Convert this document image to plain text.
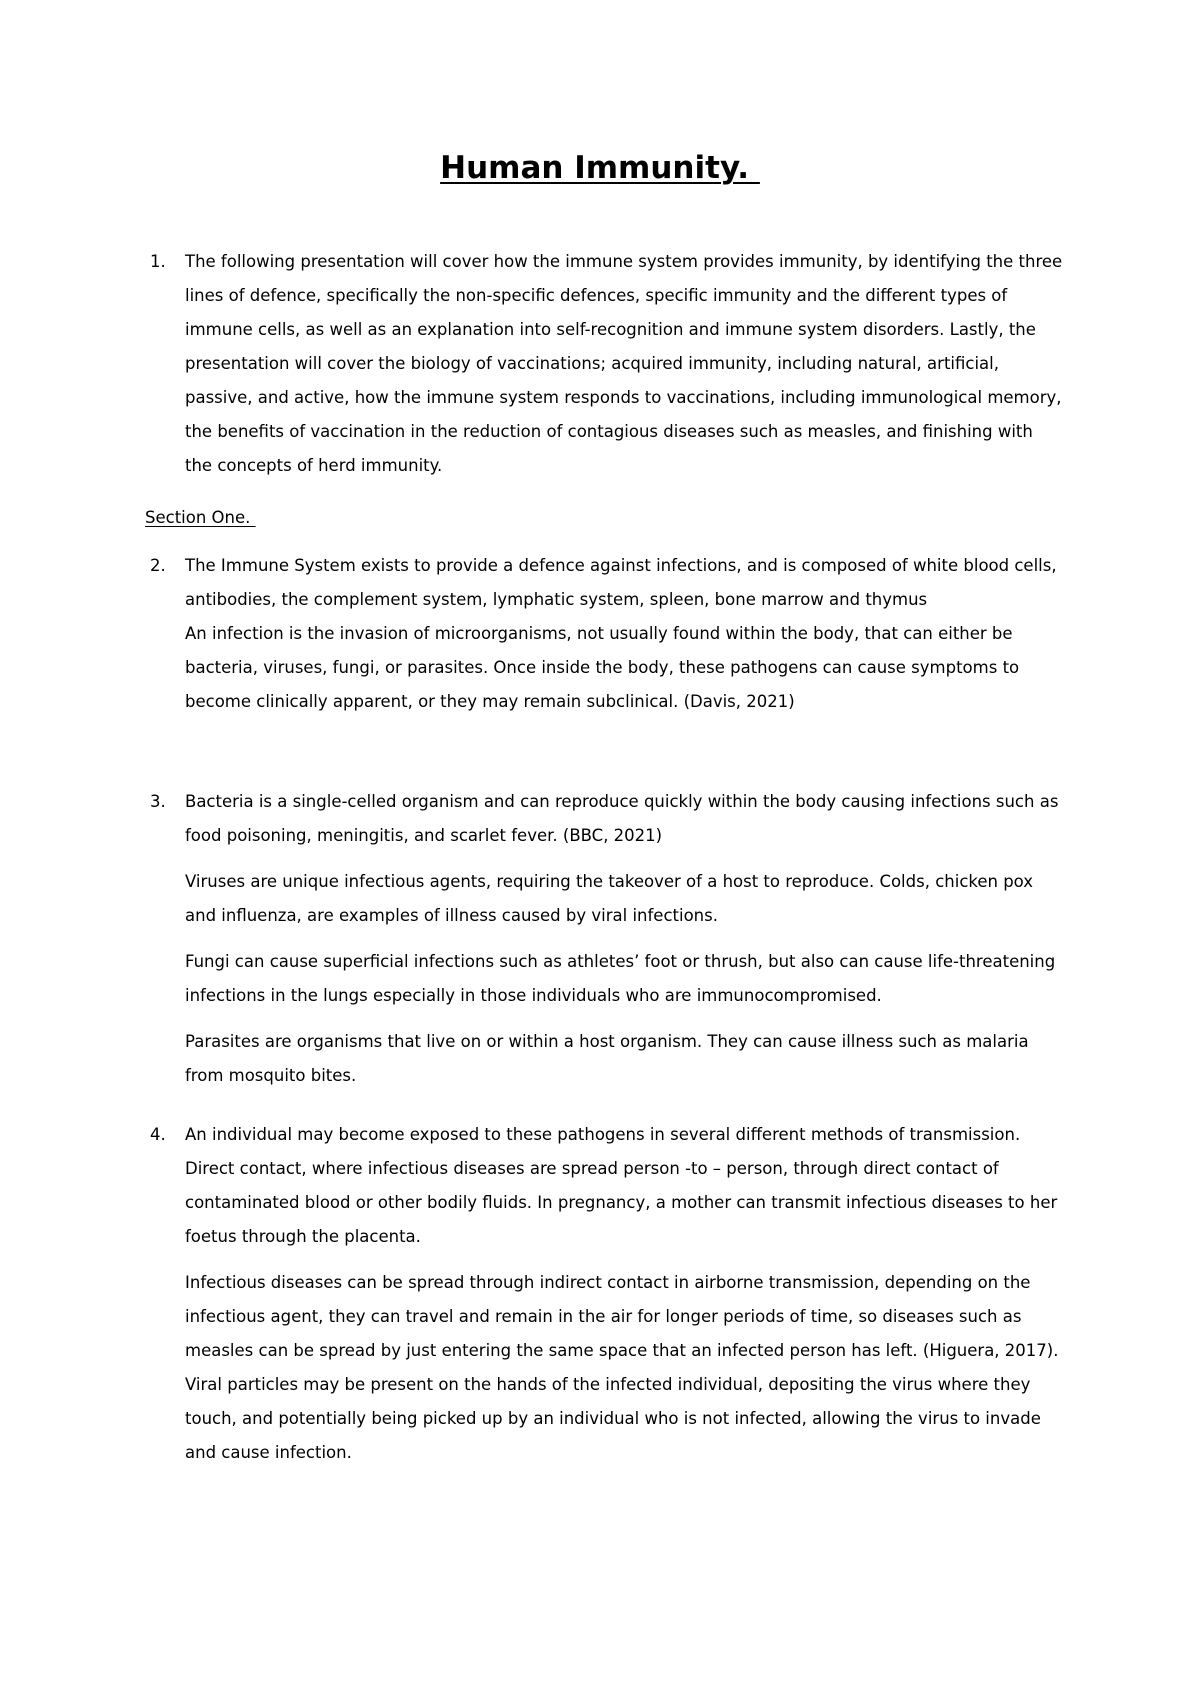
Human Immunity.
1.	The following presentation will cover how the immune system provides immunity, by identifying the three lines of defence, specifically the non-specific defences, specific immunity and the different types of immune cells, as well as an explanation into self-recognition and immune system disorders. Lastly, the presentation will cover the biology of vaccinations; acquired immunity, including natural, artificial, passive, and active, how the immune system responds to vaccinations, including immunological memory, the benefits of vaccination in the reduction of contagious diseases such as measles, and finishing with the concepts of herd immunity.

Section One.
2.	The Immune System exists to provide a defence against infections, and is composed of white blood cells, antibodies, the complement system, lymphatic system, spleen, bone marrow and thymus

An infection is the invasion of microorganisms, not usually found within the body, that can either be bacteria, viruses, fungi, or parasites. Once inside the body, these pathogens can cause symptoms to become clinically apparent, or they may remain subclinical. (Davis, 2021)

3.	Bacteria is a single-celled organism and can reproduce quickly within the body causing infections such as food poisoning, meningitis, and scarlet fever. (BBC, 2021)

Viruses are unique infectious agents, requiring the takeover of a host to reproduce. Colds, chicken pox and influenza, are examples of illness caused by viral infections.

Fungi can cause superficial infections such as athletes’ foot or thrush, but also can cause life-threatening infections in the lungs especially in those individuals who are immunocompromised.

Parasites are organisms that live on or within a host organism. They can cause illness such as malaria from mosquito bites.

4.	An individual may become exposed to these pathogens in several different methods of transmission.

Direct contact, where infectious diseases are spread person -to – person, through direct contact of contaminated blood or other bodily fluids. In pregnancy, a mother can transmit infectious diseases to her foetus through the placenta.

Infectious diseases can be spread through indirect contact in airborne transmission, depending on the infectious agent, they can travel and remain in the air for longer periods of time, so diseases such as measles can be spread by just entering the same space that an infected person has left. (Higuera, 2017). Viral particles may be present on the hands of the infected individual, depositing the virus where they touch, and potentially being picked up by an individual who is not infected, allowing the virus to invade and cause infection.
